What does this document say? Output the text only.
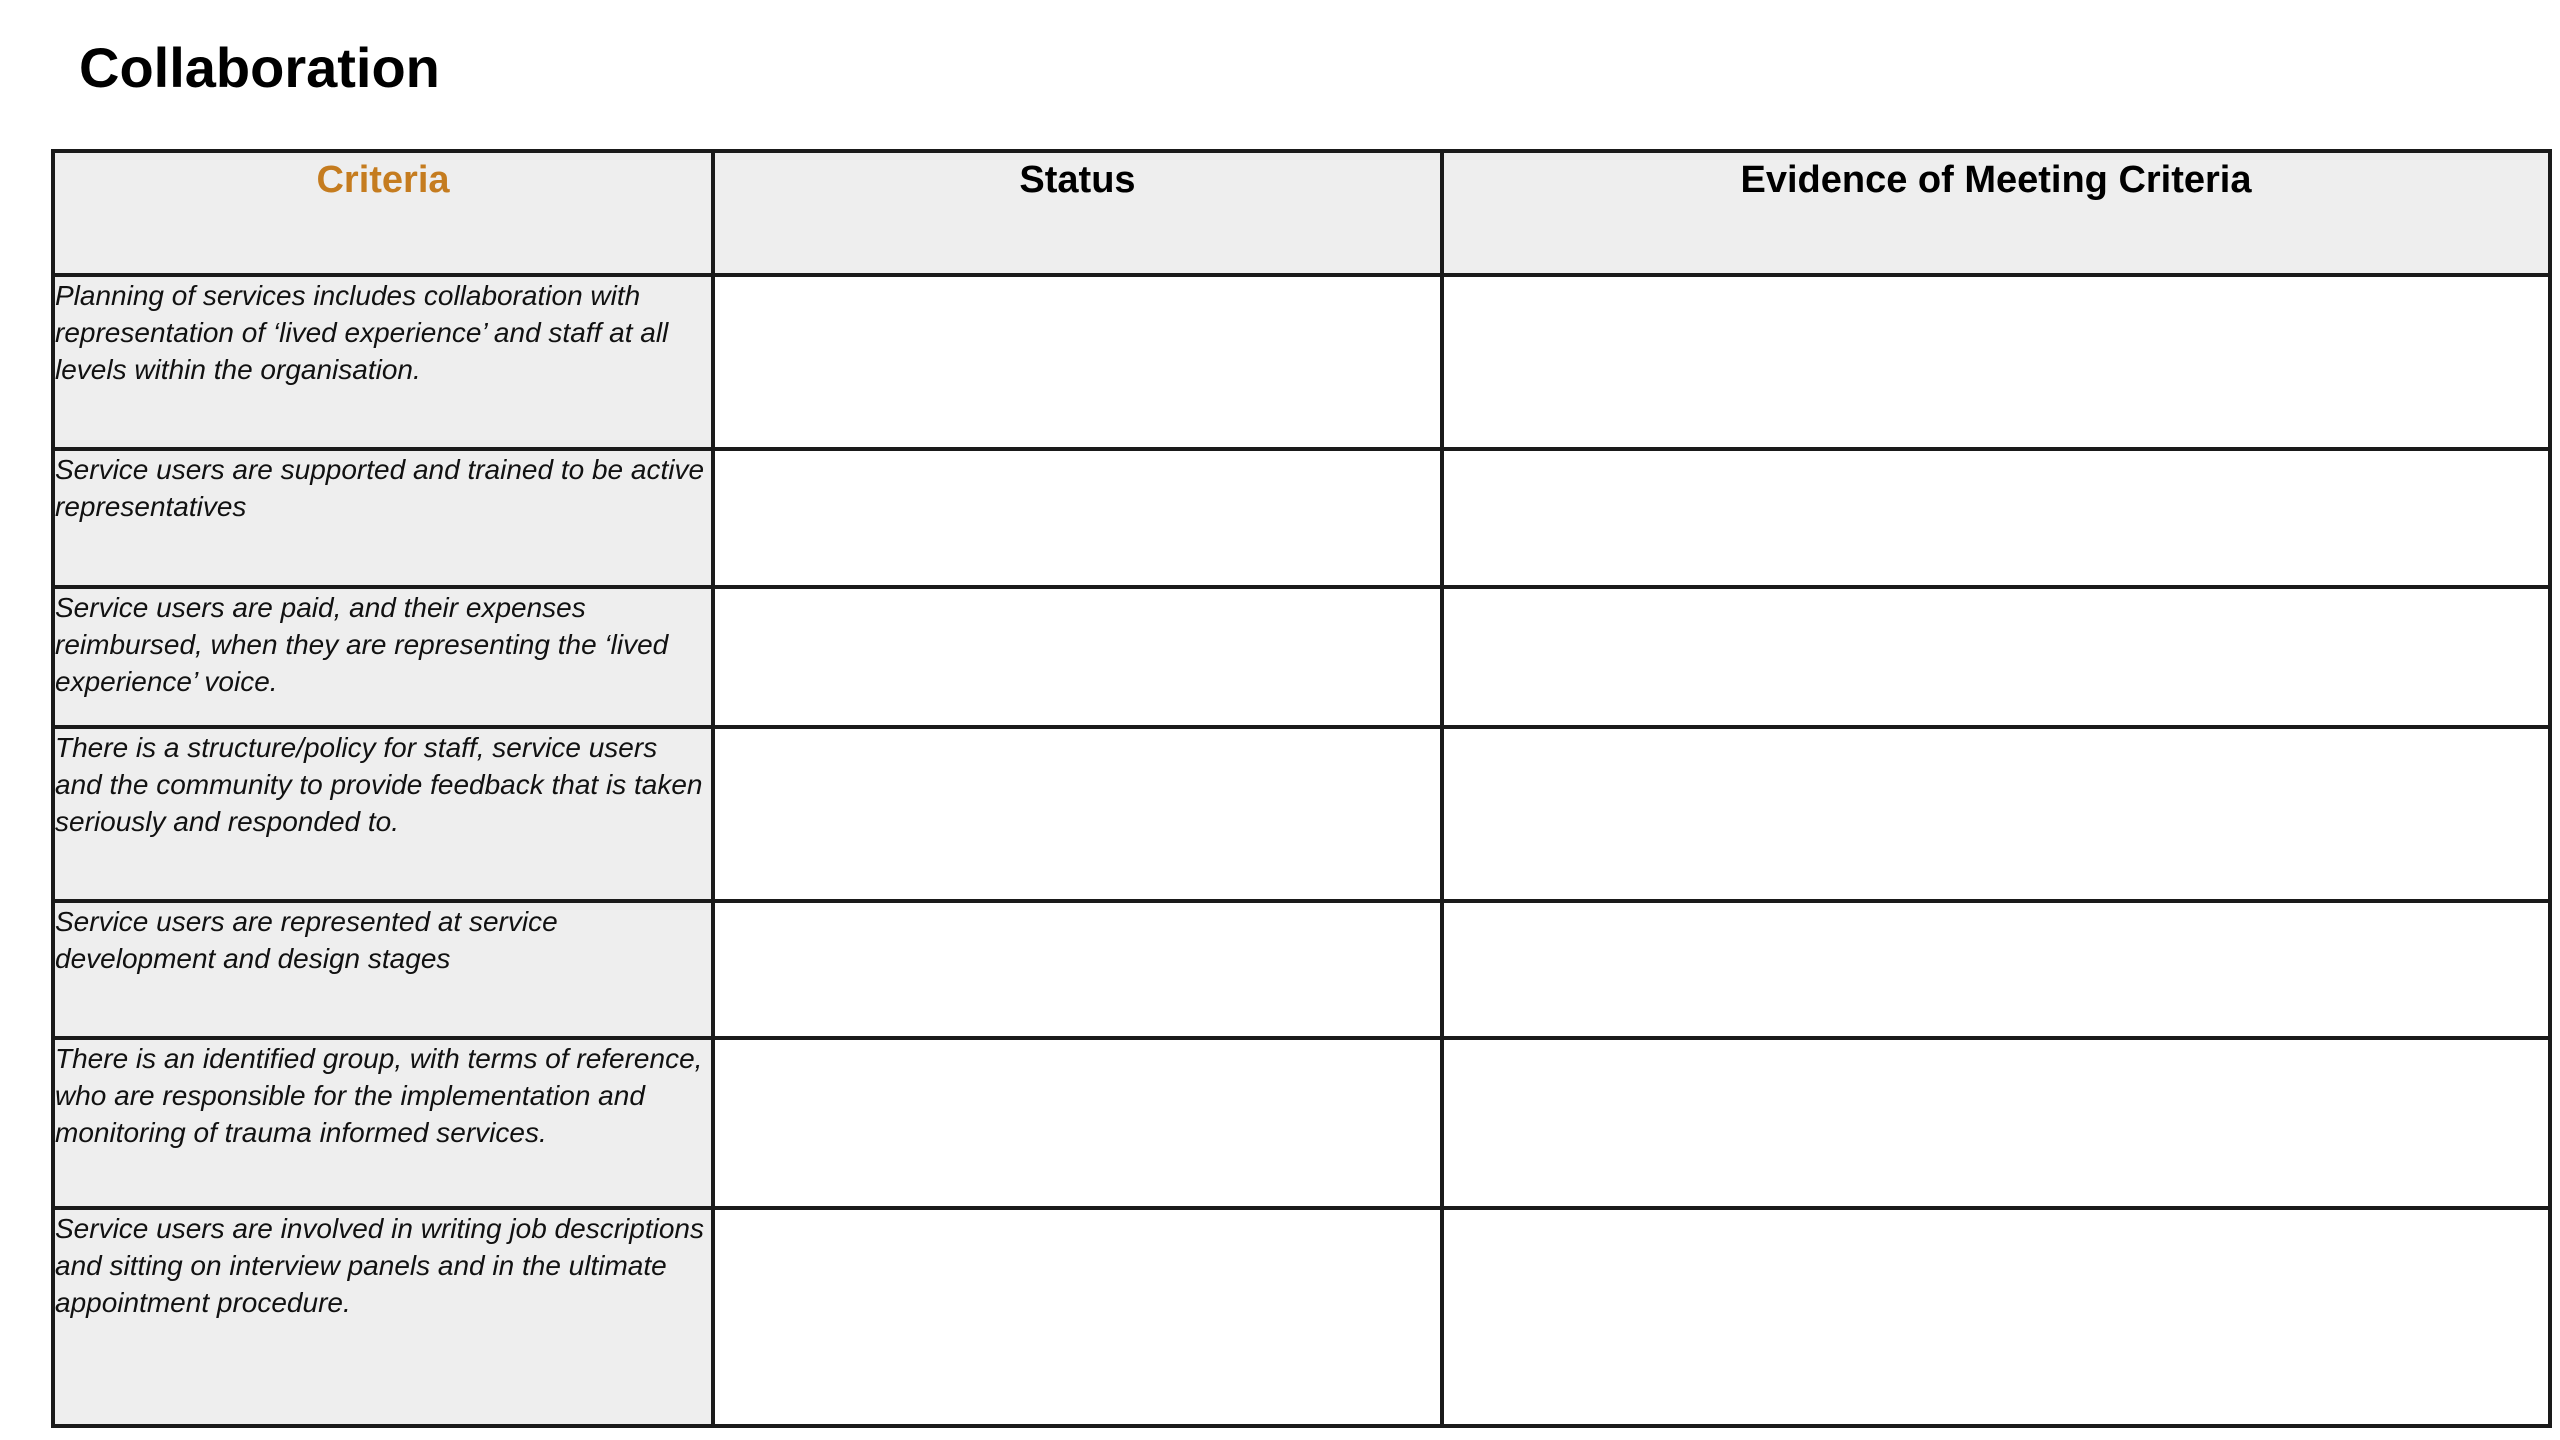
Collaboration
Criteria	Status	Evidence of Meeting Criteria
Planning of services includes collaboration with representation of ‘lived experience’ and staff at all levels within the organisation.		
Service users are supported and trained to be active representatives		
Service users are paid, and their expenses reimbursed, when they are representing the ‘lived experience’ voice.		
There is a structure/policy for staff, service users and the community to provide feedback that is taken seriously and responded to.		
Service users are represented at service development and design stages		
There is an identified group, with terms of reference, who are responsible for the implementation and monitoring of trauma informed services.		
Service users are involved in writing job descriptions and sitting on interview panels and in the ultimate appointment procedure.		
